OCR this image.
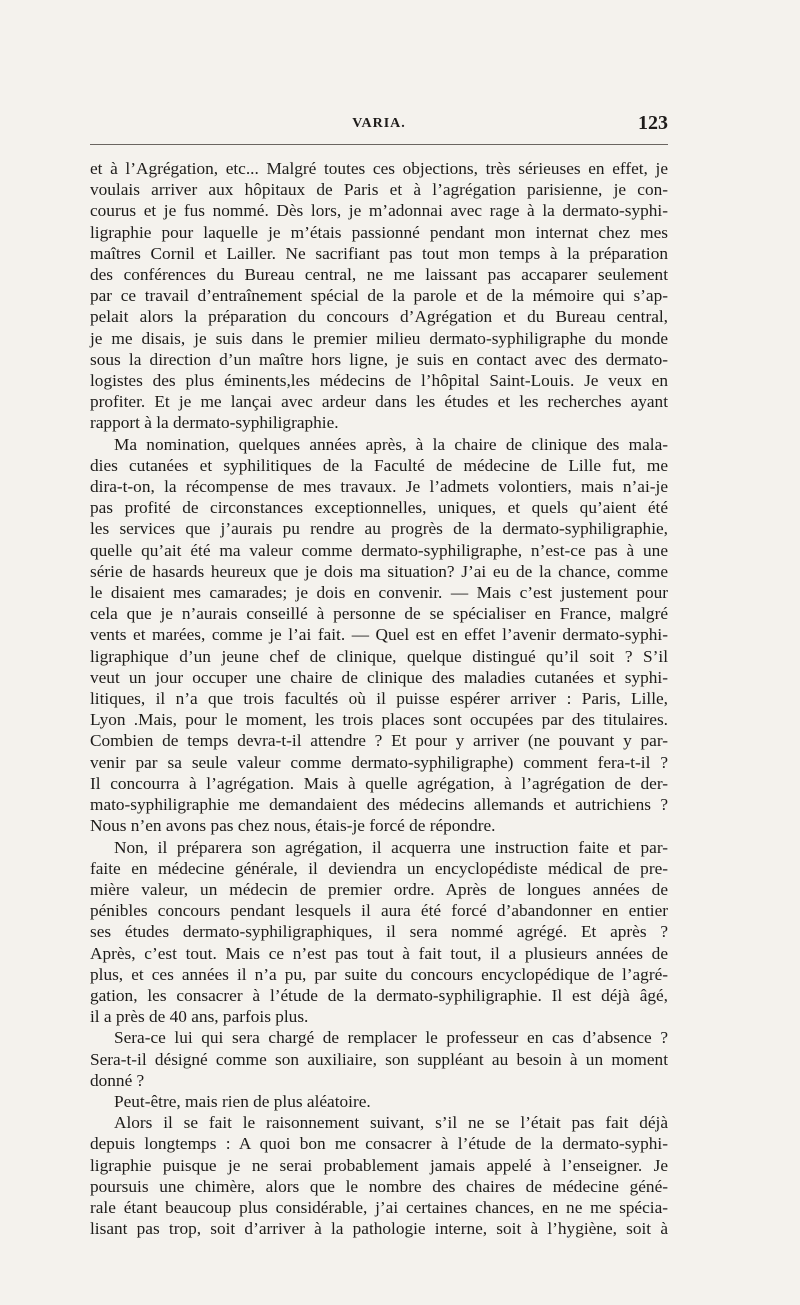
VARIA.	123
et à l’Agrégation, etc... Malgré toutes ces objections, très sérieuses en effet, je
voulais arriver aux hôpitaux de Paris et à l’agrégation parisienne, je con-
courus et je fus nommé. Dès lors, je m’adonnai avec rage à la dermato-syphi-
ligraphie pour laquelle je m’étais passionné pendant mon internat chez mes
maîtres Cornil et Lailler. Ne sacrifiant pas tout mon temps à la préparation
des conférences du Bureau central, ne me laissant pas accaparer seulement
par ce travail d’entraînement spécial de la parole et de la mémoire qui s’ap-
pelait alors la préparation du concours d’Agrégation et du Bureau central,
je me disais, je suis dans le premier milieu dermato-syphiligraphe du monde
sous la direction d’un maître hors ligne, je suis en contact avec des dermato-
logistes des plus éminents,les médecins de l’hôpital Saint-Louis. Je veux en
profiter. Et je me lançai avec ardeur dans les études et les recherches ayant
rapport à la dermato-syphiligraphie.
Ma nomination, quelques années après, à la chaire de clinique des mala-
dies cutanées et syphilitiques de la Faculté de médecine de Lille fut, me
dira-t-on, la récompense de mes travaux. Je l’admets volontiers, mais n’ai-je
pas profité de circonstances exceptionnelles, uniques, et quels qu’aient été
les services que j’aurais pu rendre au progrès de la dermato-syphiligraphie,
quelle qu’ait été ma valeur comme dermato-syphiligraphe, n’est-ce pas à une
série de hasards heureux que je dois ma situation? J’ai eu de la chance, comme
le disaient mes camarades; je dois en convenir. — Mais c’est justement pour
cela que je n’aurais conseillé à personne de se spécialiser en France, malgré
vents et marées, comme je l’ai fait. — Quel est en effet l’avenir dermato-syphi-
ligraphique d’un jeune chef de clinique, quelque distingué qu’il soit ? S’il
veut un jour occuper une chaire de clinique des maladies cutanées et syphi-
litiques, il n’a que trois facultés où il puisse espérer arriver : Paris, Lille,
Lyon .Mais, pour le moment, les trois places sont occupées par des titulaires.
Combien de temps devra-t-il attendre ? Et pour y arriver (ne pouvant y par-
venir par sa seule valeur comme dermato-syphiligraphe) comment fera-t-il ?
Il concourra à l’agrégation. Mais à quelle agrégation, à l’agrégation de der-
mato-syphiligraphie me demandaient des médecins allemands et autrichiens ?
Nous n’en avons pas chez nous, étais-je forcé de répondre.
Non, il préparera son agrégation, il acquerra une instruction faite et par-
faite en médecine générale, il deviendra un encyclopédiste médical de pre-
mière valeur, un médecin de premier ordre. Après de longues années de
pénibles concours pendant lesquels il aura été forcé d’abandonner en entier
ses études dermato-syphiligraphiques, il sera nommé agrégé. Et après ?
Après, c’est tout. Mais ce n’est pas tout à fait tout, il a plusieurs années de
plus, et ces années il n’a pu, par suite du concours encyclopédique de l’agré-
gation, les consacrer à l’étude de la dermato-syphiligraphie. Il est déjà âgé,
il a près de 40 ans, parfois plus.
Sera-ce lui qui sera chargé de remplacer le professeur en cas d’absence ?
Sera-t-il désigné comme son auxiliaire, son suppléant au besoin à un moment
donné ?
Peut-être, mais rien de plus aléatoire.
Alors il se fait le raisonnement suivant, s’il ne se l’était pas fait déjà
depuis longtemps : A quoi bon me consacrer à l’étude de la dermato-syphi-
ligraphie puisque je ne serai probablement jamais appelé à l’enseigner. Je
poursuis une chimère, alors que le nombre des chaires de médecine géné-
rale étant beaucoup plus considérable, j’ai certaines chances, en ne me spécia-
lisant pas trop, soit d’arriver à la pathologie interne, soit à l’hygiène, soit à
